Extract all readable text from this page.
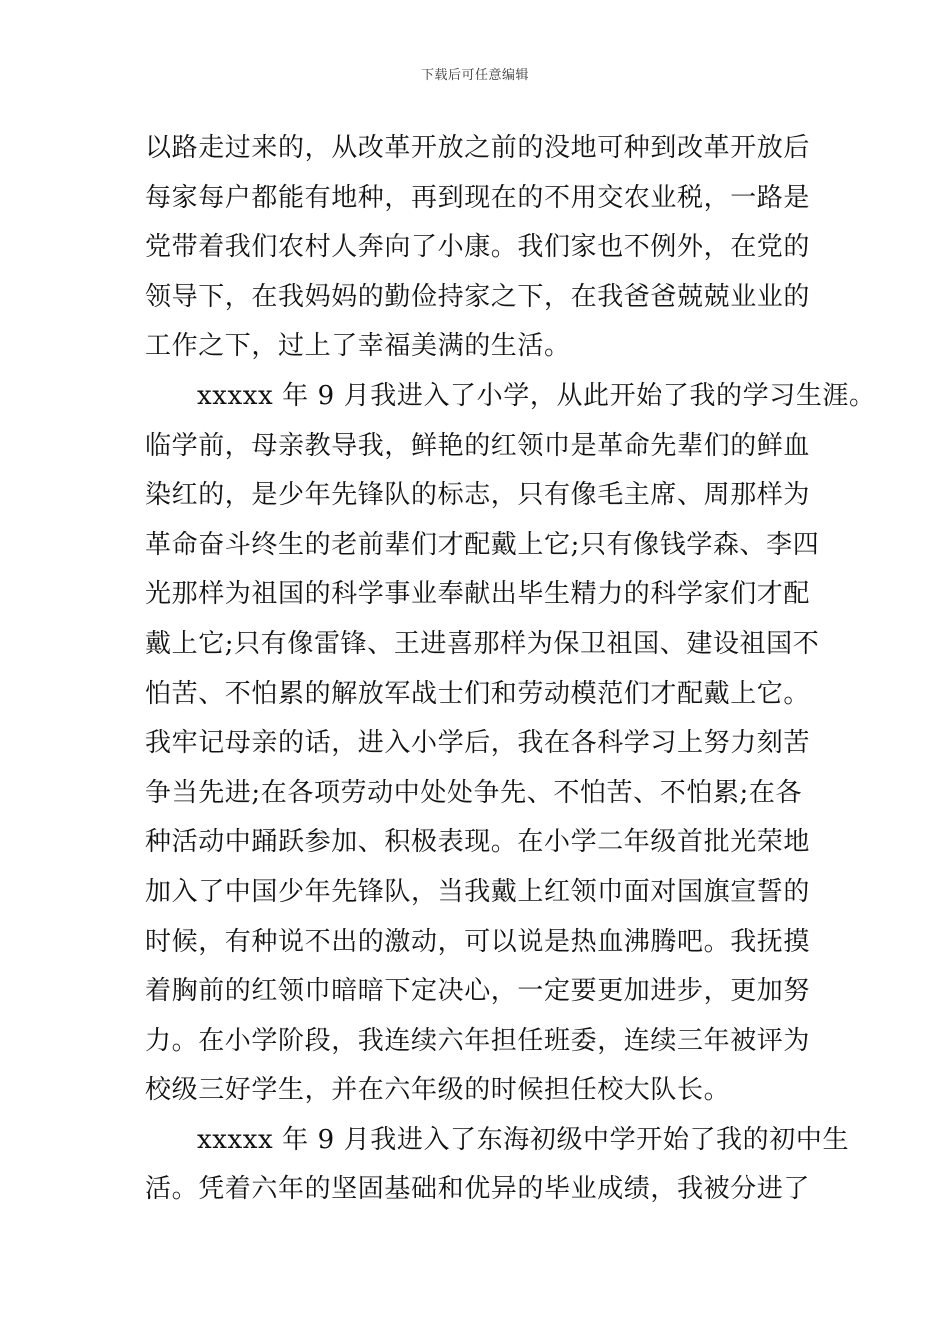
下载后可任意编辑
以路走过来的，从改革开放之前的没地可种到改革开放后
每家每户都能有地种，再到现在的不用交农业税，一路是
党带着我们农村人奔向了小康。我们家也不例外，在党的
领导下，在我妈妈的勤俭持家之下，在我爸爸兢兢业业的
工作之下，过上了幸福美满的生活。
xxxxx 年 9 月我进入了小学，从此开始了我的学习生涯。
临学前，母亲教导我，鲜艳的红领巾是革命先辈们的鲜血
染红的，是少年先锋队的标志，只有像毛主席、周那样为
革命奋斗终生的老前辈们才配戴上它;只有像钱学森、李四
光那样为祖国的科学事业奉献出毕生精力的科学家们才配
戴上它;只有像雷锋、王进喜那样为保卫祖国、建设祖国不
怕苦、不怕累的解放军战士们和劳动模范们才配戴上它。
我牢记母亲的话，进入小学后，我在各科学习上努力刻苦
争当先进;在各项劳动中处处争先、不怕苦、不怕累;在各
种活动中踊跃参加、积极表现。在小学二年级首批光荣地
加入了中国少年先锋队，当我戴上红领巾面对国旗宣誓的
时候，有种说不出的激动，可以说是热血沸腾吧。我抚摸
着胸前的红领巾暗暗下定决心，一定要更加进步，更加努
力。在小学阶段，我连续六年担任班委，连续三年被评为
校级三好学生，并在六年级的时候担任校大队长。
xxxxx 年 9 月我进入了东海初级中学开始了我的初中生
活。凭着六年的坚固基础和优异的毕业成绩，我被分进了
